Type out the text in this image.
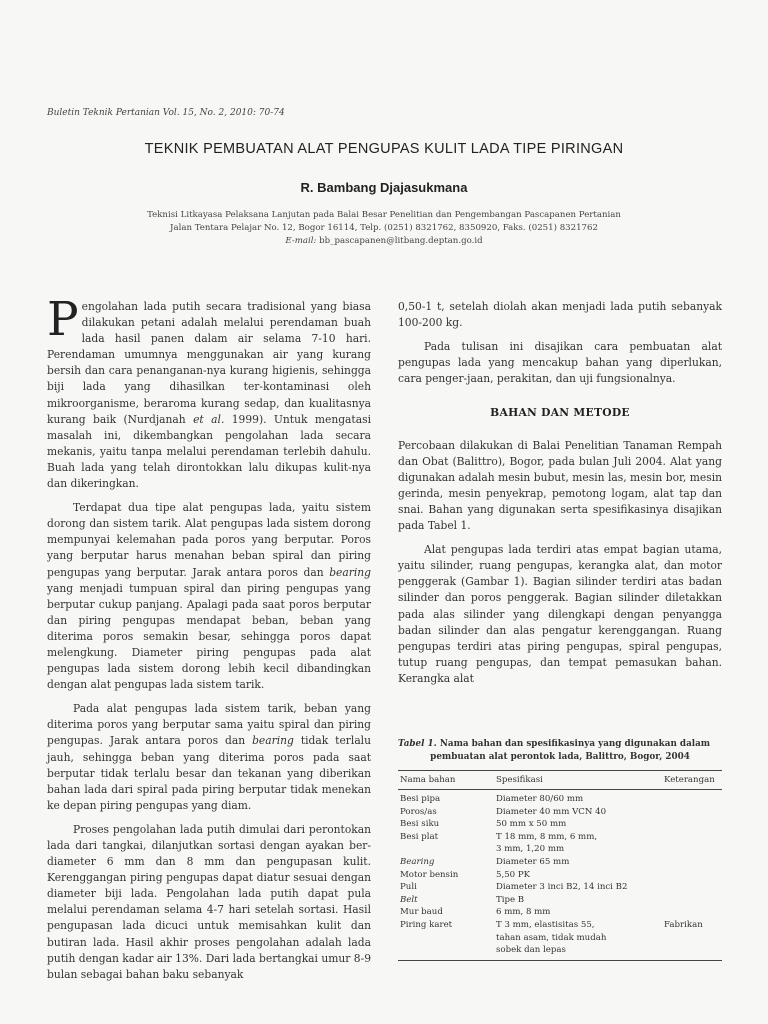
Buletin Teknik Pertanian Vol. 15, No. 2, 2010: 70-74
TEKNIK PEMBUATAN ALAT PENGUPAS KULIT LADA TIPE PIRINGAN
R. Bambang Djajasukmana
Teknisi Litkayasa Pelaksana Lanjutan pada Balai Besar Penelitian dan Pengembangan Pascapanen Pertanian
Jalan Tentara Pelajar No. 12, Bogor 16114, Telp. (0251) 8321762, 8350920, Faks. (0251) 8321762
E-mail: bb_pascapanen@litbang.deptan.go.id

Pengolahan lada putih secara tradisional yang biasa dilakukan petani adalah melalui perendaman buah lada hasil panen dalam air selama 7-10 hari. Perendaman umumnya menggunakan air yang kurang bersih dan cara penanganan-nya kurang higienis, sehingga biji lada yang dihasilkan ter-kontaminasi oleh mikroorganisme, beraroma kurang sedap, dan kualitasnya kurang baik (Nurdjanah et al. 1999). Untuk mengatasi masalah ini, dikembangkan pengolahan lada secara mekanis, yaitu tanpa melalui perendaman terlebih dahulu. Buah lada yang telah dirontokkan lalu dikupas kulit-nya dan dikeringkan.

Terdapat dua tipe alat pengupas lada, yaitu sistem dorong dan sistem tarik. Alat pengupas lada sistem dorong mempunyai kelemahan pada poros yang berputar. Poros yang berputar harus menahan beban spiral dan piring pengupas yang berputar. Jarak antara poros dan bearing yang menjadi tumpuan spiral dan piring pengupas yang berputar cukup panjang. Apalagi pada saat poros berputar dan piring pengupas mendapat beban, beban yang diterima poros semakin besar, sehingga poros dapat melengkung. Diameter piring pengupas pada alat pengupas lada sistem dorong lebih kecil dibandingkan dengan alat pengupas lada sistem tarik.

Pada alat pengupas lada sistem tarik, beban yang diterima poros yang berputar sama yaitu spiral dan piring pengupas. Jarak antara poros dan bearing tidak terlalu jauh, sehingga beban yang diterima poros pada saat berputar tidak terlalu besar dan tekanan yang diberikan bahan lada dari spiral pada piring berputar tidak menekan ke depan piring pengupas yang diam.

Proses pengolahan lada putih dimulai dari perontokan lada dari tangkai, dilanjutkan sortasi dengan ayakan ber-diameter 6 mm dan 8 mm dan pengupasan kulit. Kerenggangan piring pengupas dapat diatur sesuai dengan diameter biji lada. Pengolahan lada putih dapat pula melalui perendaman selama 4-7 hari setelah sortasi. Hasil pengupasan lada dicuci untuk memisahkan kulit dan butiran lada. Hasil akhir proses pengolahan adalah lada putih dengan kadar air 13%. Dari lada bertangkai umur 8-9 bulan sebagai bahan baku sebanyak

0,50-1 t, setelah diolah akan menjadi lada putih sebanyak 100-200 kg.

Pada tulisan ini disajikan cara pembuatan alat pengupas lada yang mencakup bahan yang diperlukan, cara penger-jaan, perakitan, dan uji fungsionalnya.

BAHAN DAN METODE

Percobaan dilakukan di Balai Penelitian Tanaman Rempah dan Obat (Balittro), Bogor, pada bulan Juli 2004. Alat yang digunakan adalah mesin bubut, mesin las, mesin bor, mesin gerinda, mesin penyekrap, pemotong logam, alat tap dan snai. Bahan yang digunakan serta spesifikasinya disajikan pada Tabel 1.

Alat pengupas lada terdiri atas empat bagian utama, yaitu silinder, ruang pengupas, kerangka alat, dan motor penggerak (Gambar 1). Bagian silinder terdiri atas badan silinder dan poros penggerak. Bagian silinder diletakkan pada alas silinder yang dilengkapi dengan penyangga badan silinder dan alas pengatur kerenggangan. Ruang pengupas terdiri atas piring pengupas, spiral pengupas, tutup ruang pengupas, dan tempat pemasukan bahan. Kerangka alat

Tabel 1. Nama bahan dan spesifikasinya yang digunakan dalam
pembuatan alat perontok lada, Balittro, Bogor, 2004
Nama bahan	Spesifikasi	Keterangan
Besi pipa	Diameter 80/60 mm	
Poros/as	Diameter 40 mm VCN 40	
Besi siku	50 mm x 50 mm	
Besi plat	T 18 mm, 8 mm, 6 mm,	
	3 mm, 1,20 mm	
Bearing	Diameter 65 mm	
Motor bensin	5,50 PK	
Puli	Diameter 3 inci B2, 14 inci B2	
Belt	Tipe B	
Mur baud	6 mm, 8 mm	
Piring karet	T 3 mm, elastisitas 55,	Fabrikan
	tahan asam, tidak mudah	
	sobek dan lepas	
